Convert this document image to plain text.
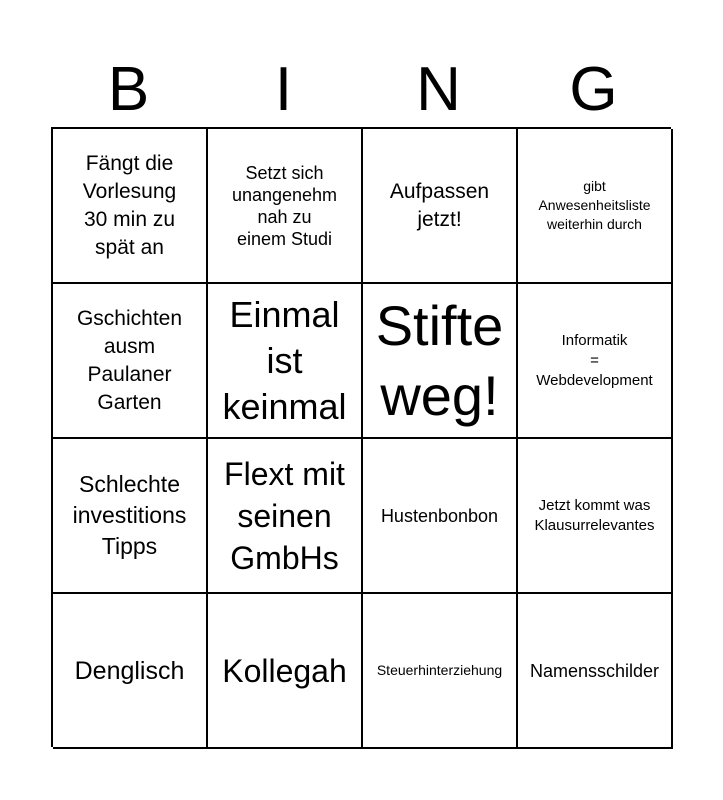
B	I	N	G
Fängt die
Vorlesung
30 min zu
spät an
Setzt sich
unangenehm
nah zu
einem Studi
Aufpassen
jetzt!
gibt
Anwesenheitsliste
weiterhin durch
Gschichten
ausm
Paulaner
Garten
Einmal
ist
keinmal
Stifte
weg!
Informatik
=
Webdevelopment
Schlechte
investitions
Tipps
Flext mit
seinen
GmbHs
Hustenbonbon
Jetzt kommt was
Klausurrelevantes
Denglisch Kollegah Steuerhinterziehung Namensschilder
